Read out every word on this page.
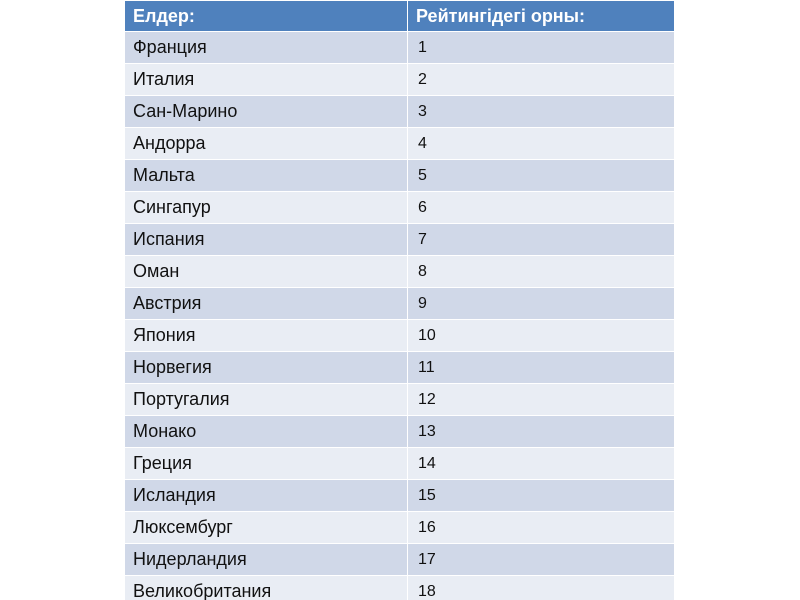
Елдер:	Рейтингідегі орны:
Франция	1
Италия	2
Сан-Марино	3
Андорра	4
Мальта	5
Сингапур	6
Испания	7
Оман	8
Австрия	9
Япония	10
Норвегия	11
Португалия	12
Монако	13
Греция	14
Исландия	15
Люксембург	16
Нидерландия	17
Великобритания	18
